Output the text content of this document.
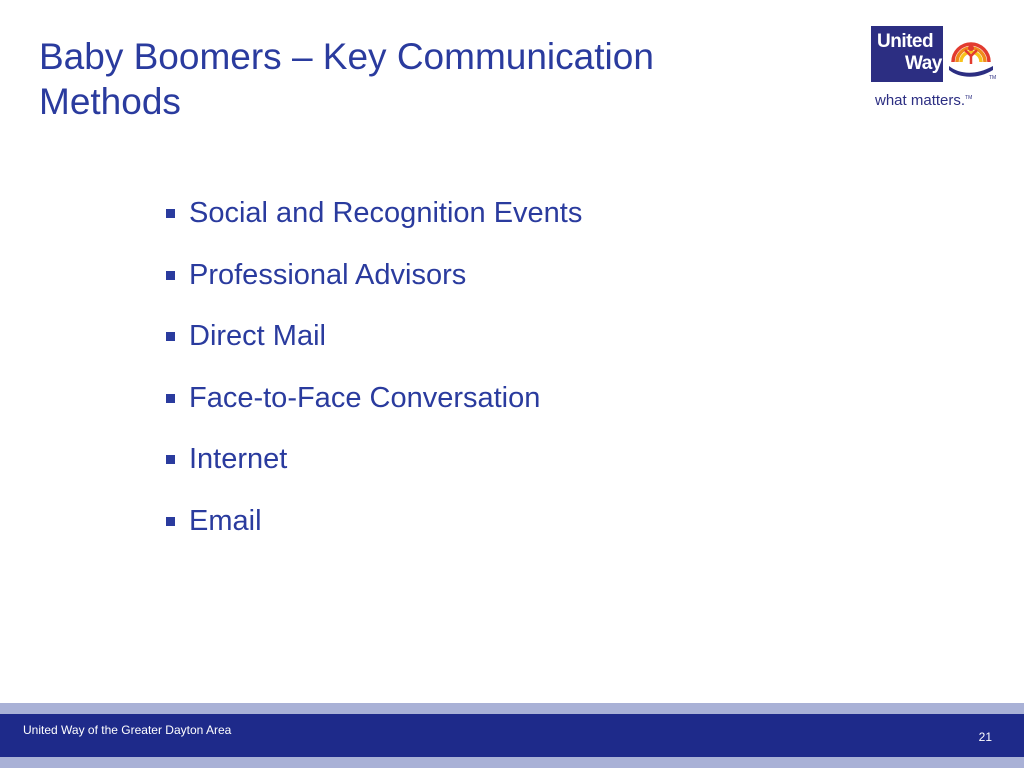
Baby Boomers – Key Communication Methods
United
Way
TM
what matters.™
Social and Recognition Events
Professional Advisors
Direct Mail
Face-to-Face Conversation
Internet
Email
United Way of the Greater Dayton Area	21
